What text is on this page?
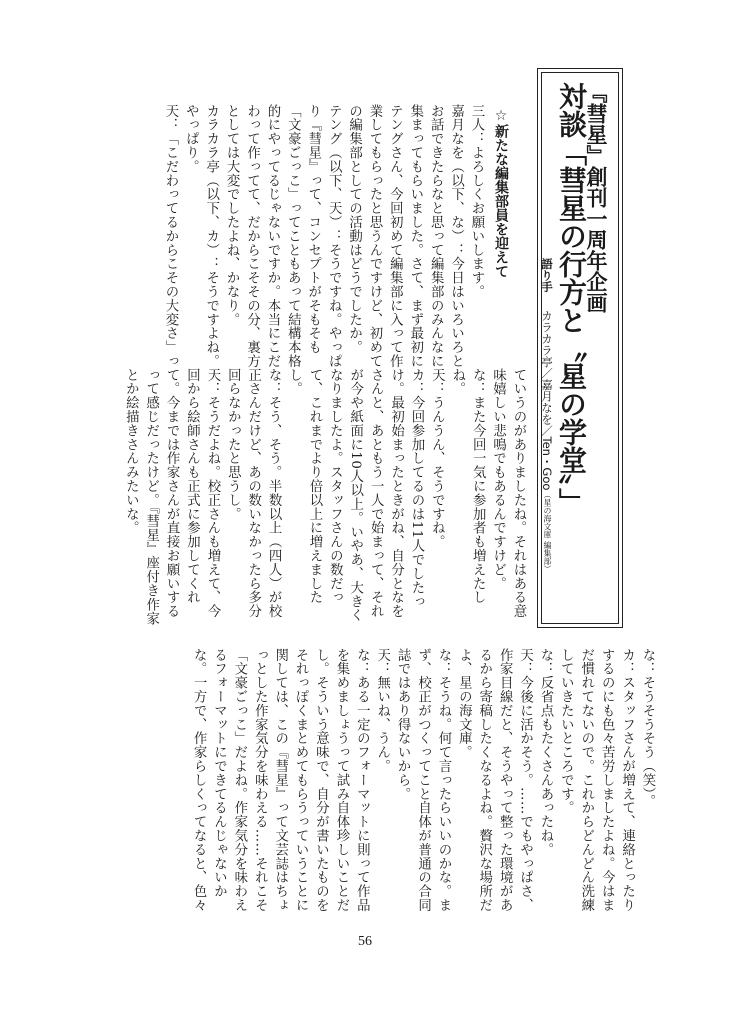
『彗星』創刊一周年企画
対談「彗星の行方と〝星の学堂〟」
語り手　カラカラ亭／嘉月なを／Ten・Goo（星の海文庫 編集部）
☆新たな編集部員を迎えて

三人：よろしくお願いします。

嘉月なを（以下、な）：今日はいろいろとお話できたらなと思って編集部のみんなに集まってもらいました。さて、まず最初にテングさん、今回初めて編集部に入って作業してもらったと思うんですけど、初めての編集部としての活動はどうでしたか。

テング（以下、天）：そうですね。やっぱり『彗星』って、コンセプトがそもそも「文豪ごっこ」ってこともあって結構本格的にやってるじゃないですか。本当にこだわって作ってて、だからこそその分、裏方としては大変でしたよね、かなり。

カラカラ亭（以下、カ）：そうですよね。やっぱり。

天：「こだわってるからこその大変さ」っ

ていうのがありましたね。それはある意味嬉しい悲鳴でもあるんですけど。

な：また今回一気に参加者も増えたしね。

天：うんうん、そうですね。

カ：今回参加してるのは11人でしたっけ。最初始まったときがね、自分となをさんと、あともう一人で始まって、それが今や紙面に10人以上。いやあ、大きくなりましたよ。スタッフさんの数だって、これまでより倍以上に増えましたし。

な：そう、そう。半数以上（四人）が校正さんだけど、あの数いなかったら多分回らなかったと思うし。

天：そうだよね。校正さんも増えて、今回から絵師さんも正式に参加してくれて。今までは作家さんが直接お願いするって感じだったけど。『彗星』座付き作家とか絵描きさんみたいな。

な：そうそうそう（笑）。

カ：スタッフさんが増えて、連絡とったりするのにも色々苦労しましたよね。今はまだ慣れてないので。これからどんどん洗練していきたいところです。

な：反省点もたくさんあったね。

天：今後に活かそう。……でもやっぱさ、作家目線だと、そうやって整った環境があるから寄稿したくなるよね。贅沢な場所だよ、星の海文庫。

な：そうね。何て言ったらいいのかな。まず、校正がつくってこと自体が普通の合同誌ではあり得ないから。

天：無いね、うん。

な：ある一定のフォーマットに則って作品を集めましょうって試み自体珍しいことだし。そういう意味で、自分が書いたものをそれっぽくまとめてもらうっていうことに関しては、この『彗星』って文芸誌はちょっとした作家気分を味わえる……それこそ「文豪ごっこ」だよね。作家気分を味わえるフォーマットにできてるんじゃないかな。一方で、作家らしくってなると、色々

56
